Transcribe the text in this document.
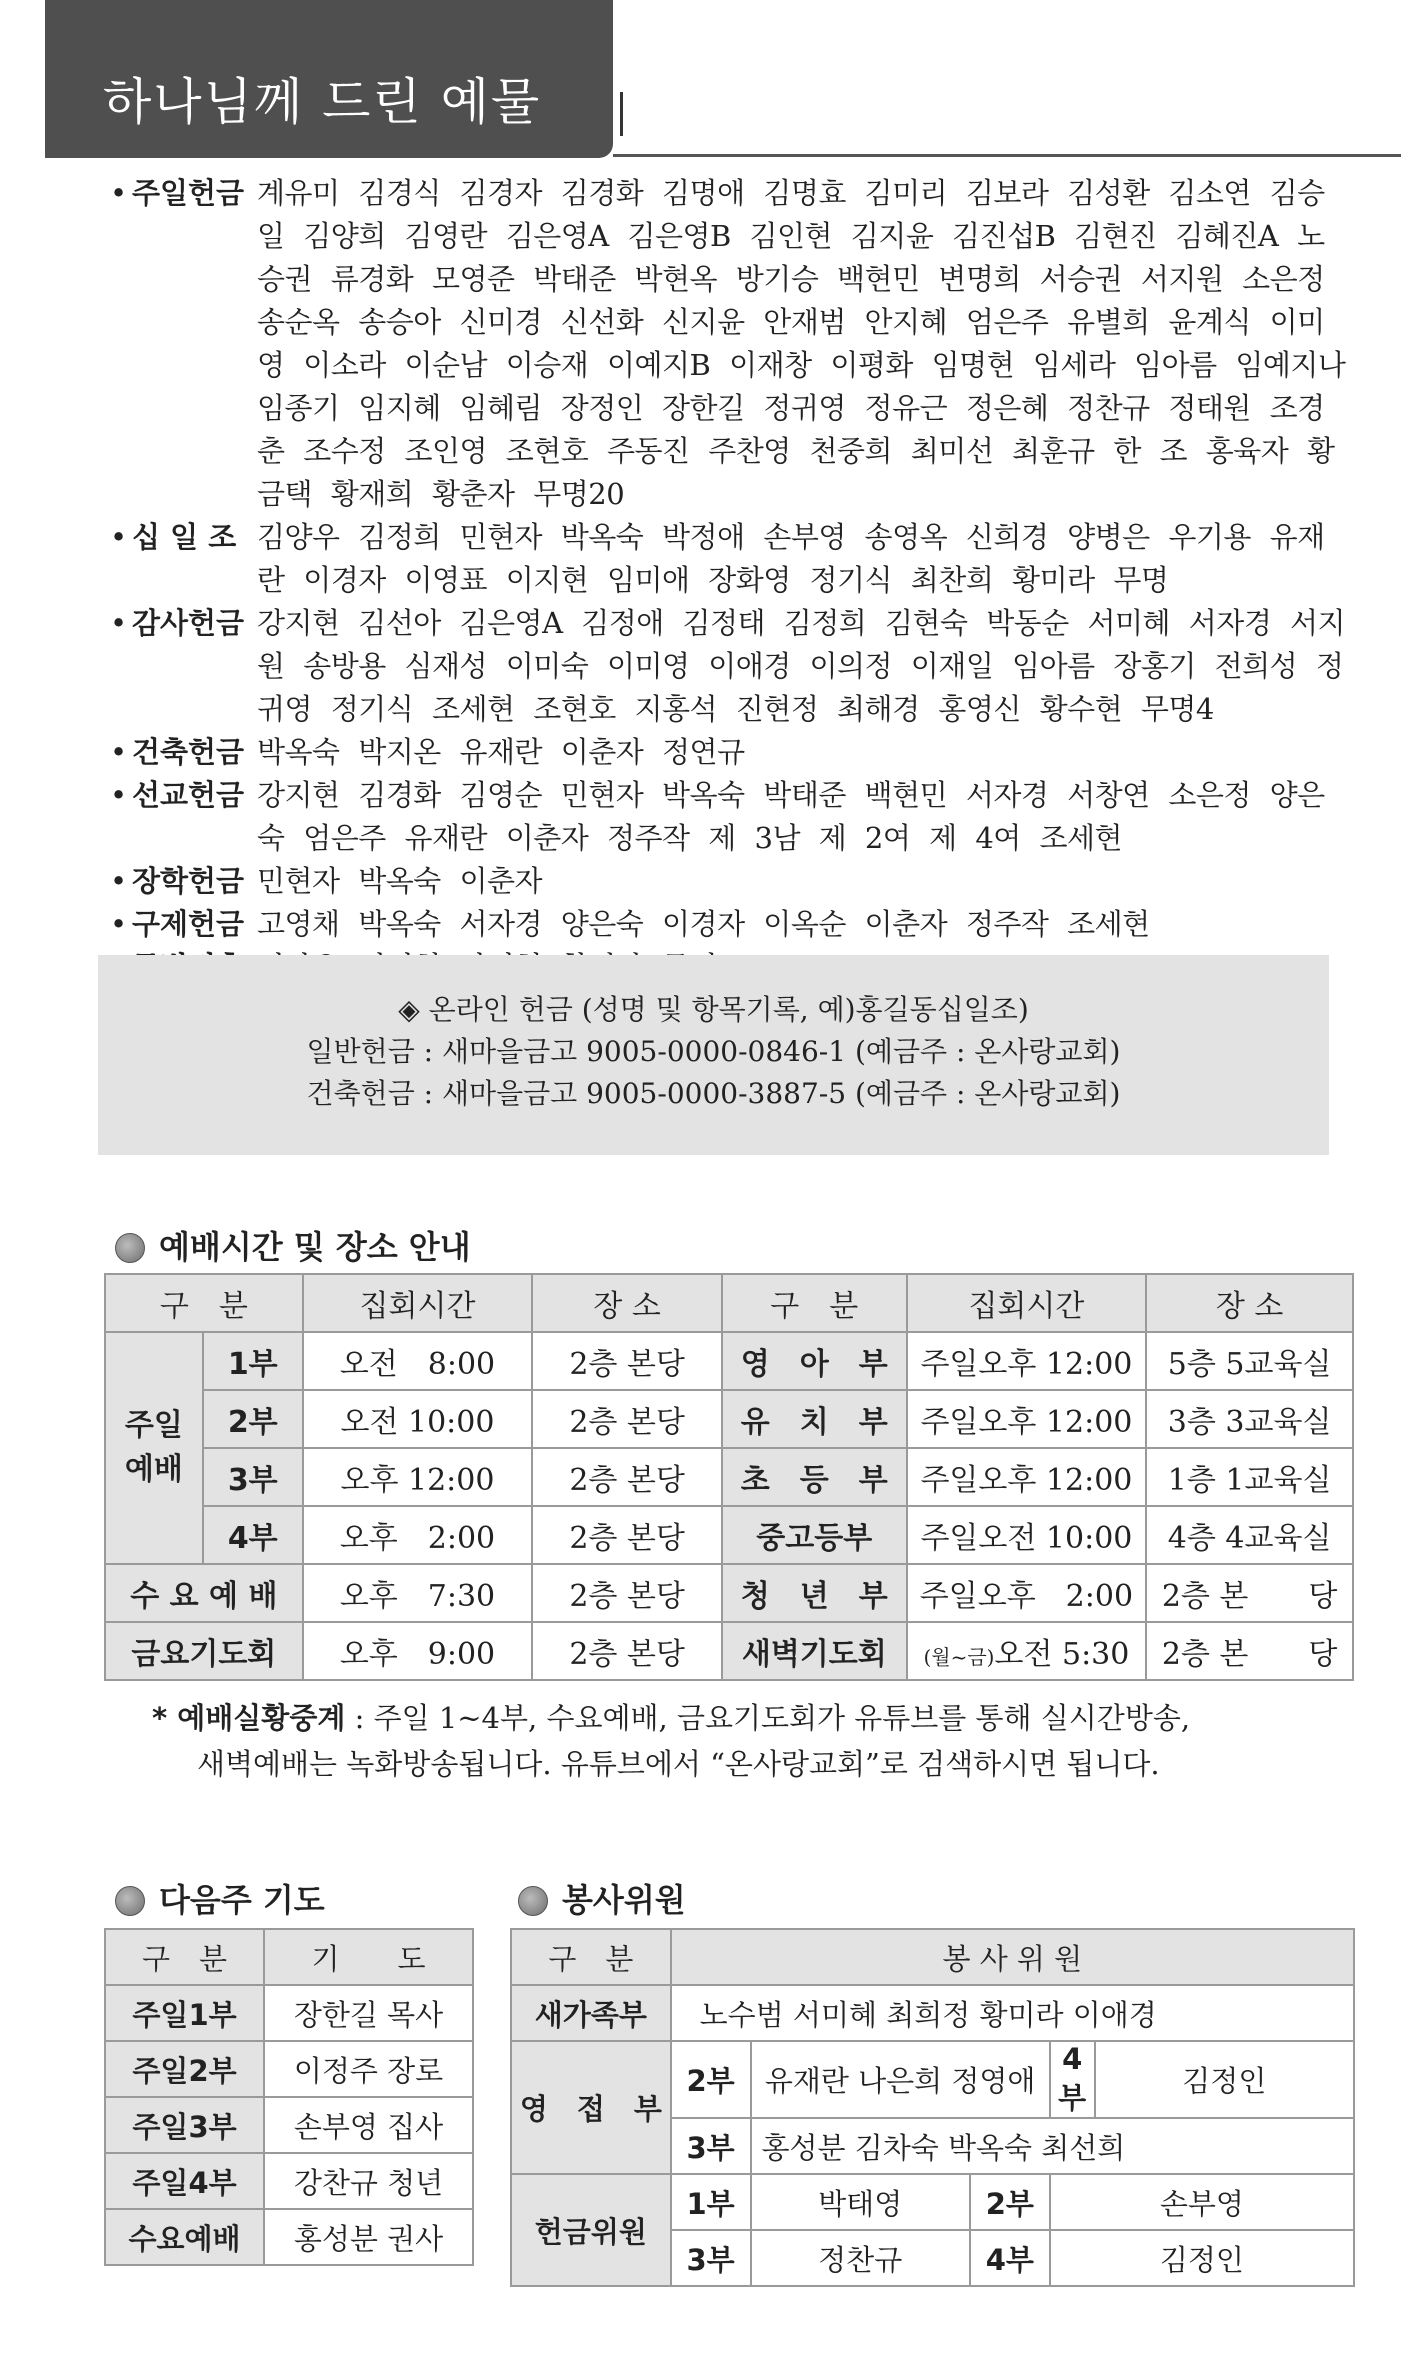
하나님께 드린 예물
• 주일헌금 계유미 김경식 김경자 김경화 김명애 김명효 김미리 김보라 김성환 김소연 김승일 김양희 김영란 김은영A 김은영B 김인현 김지윤 김진섭B 김현진 김혜진A 노승권 류경화 모영준 박태준 박현옥 방기승 백현민 변명희 서승권 서지원 소은정 송순옥 송승아 신미경 신선화 신지윤 안재범 안지혜 엄은주 유별희 윤계식 이미영 이소라 이순남 이승재 이예지B 이재창 이평화 임명현 임세라 임아름 임예지나 임종기 임지혜 임혜림 장정인 장한길 정귀영 정유근 정은혜 정찬규 정태원 조경춘 조수정 조인영 조현호 주동진 주찬영 천중희 최미선 최훈규 한 조 홍육자 황금택 황재희 황춘자 무명20
• 십 일 조 김양우 김정희 민현자 박옥숙 박정애 손부영 송영옥 신희경 양병은 우기용 유재란 이경자 이영표 이지현 임미애 장화영 정기식 최찬희 황미라 무명
• 감사헌금 강지현 김선아 김은영A 김정애 김정태 김정희 김현숙 박동순 서미혜 서자경 서지원 송방용 심재성 이미숙 이미영 이애경 이의정 이재일 임아름 장홍기 전희성 정귀영 정기식 조세현 조현호 지홍석 진현정 최해경 홍영신 황수현 무명4
• 건축헌금 박옥숙 박지온 유재란 이춘자 정연규
• 선교헌금 강지현 김경화 김영순 민현자 박옥숙 박태준 백현민 서자경 서창연 소은정 양은숙 엄은주 유재란 이춘자 정주작 제 3남 제 2여 제 4여 조세현
• 장학헌금 민현자 박옥숙 이춘자
• 구제헌금 고영채 박옥숙 서자경 양은숙 이경자 이옥순 이춘자 정주작 조세현
◈ 온라인 헌금 (성명 및 항목기록, 예)홍길동십일조)
일반헌금 : 새마을금고 9005-0000-0846-1 (예금주 : 온사랑교회)
건축헌금 : 새마을금고 9005-0000-3887-5 (예금주 : 온사랑교회)
예배시간 및 장소 안내
구　분		집회시간	장 소	구　분	집회시간	장 소
주일
예배	1부	오전　8:00	2층 본당	영　아　부	주일오후 12:00	5층 5교육실
	2부	오전 10:00	2층 본당	유　치　부	주일오후 12:00	3층 3교육실
	3부	오후 12:00	2층 본당	초　등　부	주일오후 12:00	1층 1교육실
	4부	오후　2:00	2층 본당	중고등부	주일오전 10:00	4층 4교육실
수 요 예 배		오후　7:30	2층 본당	청　년　부	주일오후　2:00	2층 본　　당
금요기도회		오후　9:00	2층 본당	새벽기도회	(월~금)오전 5:30	2층 본　　당
* 예배실황중계 : 주일 1~4부, 수요예배, 금요기도회가 유튜브를 통해 실시간방송,
새벽예배는 녹화방송됩니다. 유튜브에서 “온사랑교회”로 검색하시면 됩니다.
다음주 기도
구　분	기　　도
주일1부	장한길 목사
주일2부	이정주 장로
주일3부	손부영 집사
주일4부	강찬규 청년
수요예배	홍성분 권사
봉사위원
구　분	봉 사 위 원				
새가족부	노수범 서미혜 최희정 황미라 이애경				
영　접　부	2부	유재란 나은희 정영애		4부	김정인
	3부	홍성분 김차숙 박옥숙 최선희			
헌금위원	1부	박태영	2부	손부영	
	3부	정찬규	4부	김정인	
